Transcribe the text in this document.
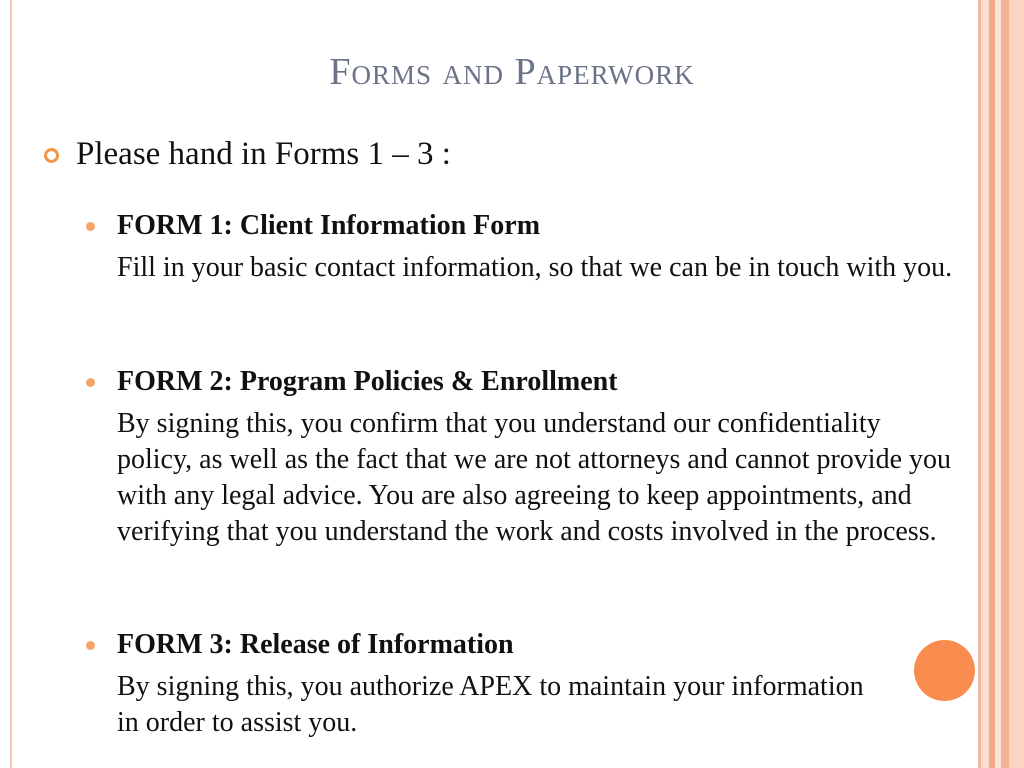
Forms and Paperwork
Please hand in Forms 1 – 3 :
FORM 1: Client Information Form
Fill in your basic contact information, so that we can be in touch with you.
FORM 2: Program Policies & Enrollment
By signing this, you confirm that you understand our confidentiality policy, as well as the fact that we are not attorneys and cannot provide you with any legal advice. You are also agreeing to keep appointments, and verifying that you understand the work and costs involved in the process.
FORM 3: Release of Information
By signing this, you authorize APEX to maintain your information in order to assist you.
